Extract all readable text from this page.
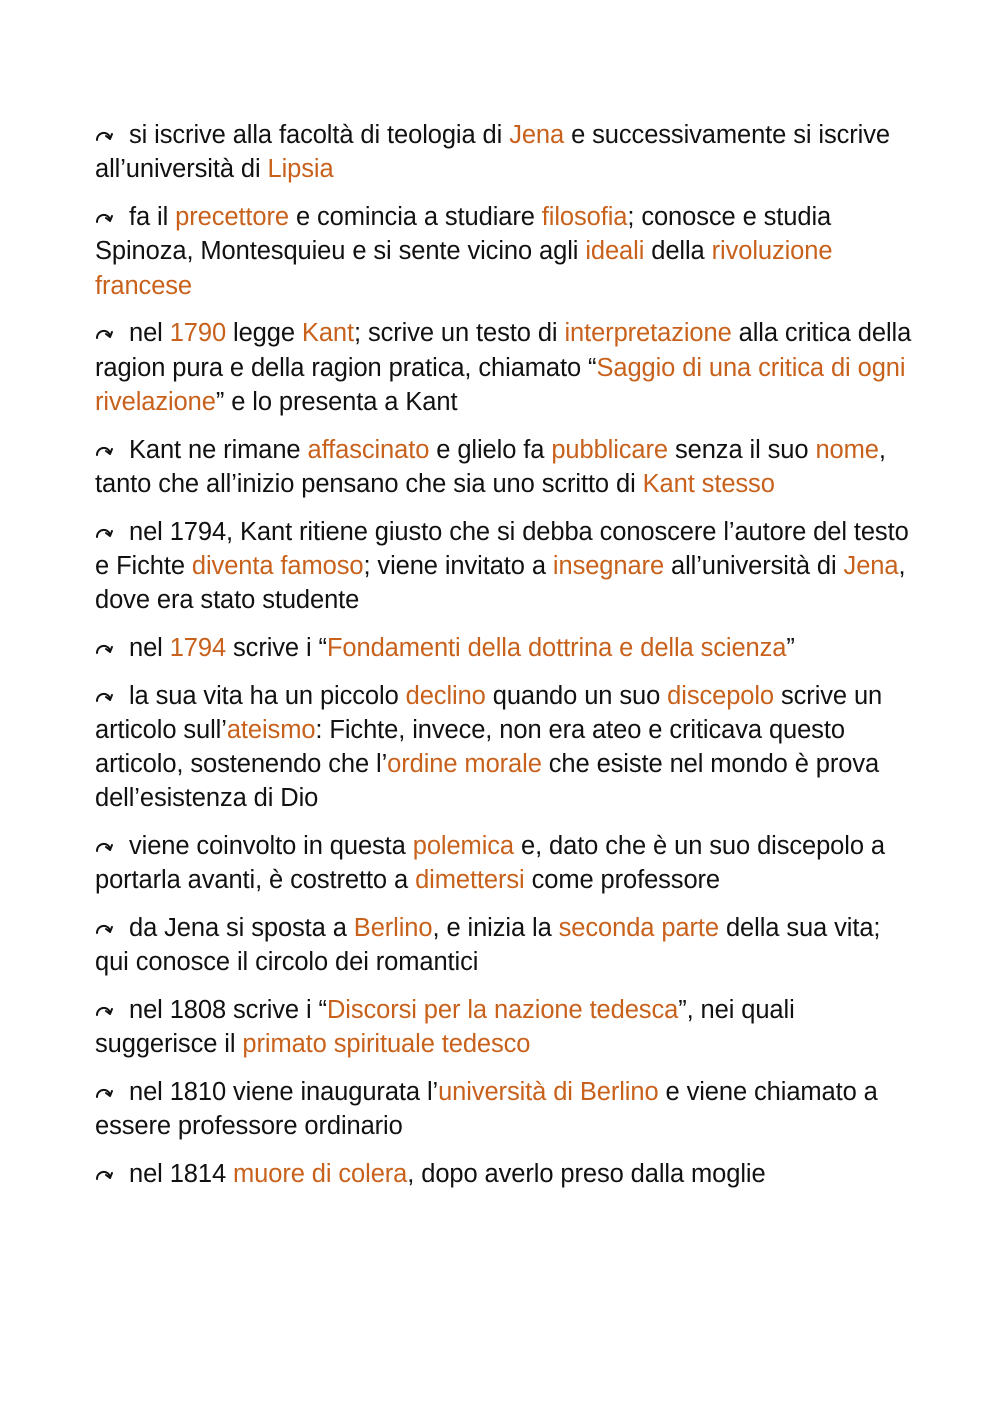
si iscrive alla facoltà di teologia di Jena e successivamente si iscrive all’università di Lipsia

fa il precettore e comincia a studiare filosofia; conosce e studia Spinoza, Montesquieu e si sente vicino agli ideali della rivoluzione francese

nel 1790 legge Kant; scrive un testo di interpretazione alla critica della ragion pura e della ragion pratica, chiamato “Saggio di una critica di ogni rivelazione” e lo presenta a Kant

Kant ne rimane affascinato e glielo fa pubblicare senza il suo nome, tanto che all’inizio pensano che sia uno scritto di Kant stesso

nel 1794, Kant ritiene giusto che si debba conoscere l’autore del testo e Fichte diventa famoso; viene invitato a insegnare all’università di Jena, dove era stato studente

nel 1794 scrive i “Fondamenti della dottrina e della scienza”

la sua vita ha un piccolo declino quando un suo discepolo scrive un articolo sull’ateismo: Fichte, invece, non era ateo e criticava questo articolo, sostenendo che l’ordine morale che esiste nel mondo è prova dell’esistenza di Dio

viene coinvolto in questa polemica e, dato che è un suo discepolo a portarla avanti, è costretto a dimettersi come professore

da Jena si sposta a Berlino, e inizia la seconda parte della sua vita; qui conosce il circolo dei romantici

nel 1808 scrive i “Discorsi per la nazione tedesca”, nei quali suggerisce il primato spirituale tedesco

nel 1810 viene inaugurata l’università di Berlino e viene chiamato a essere professore ordinario

nel 1814 muore di colera, dopo averlo preso dalla moglie
